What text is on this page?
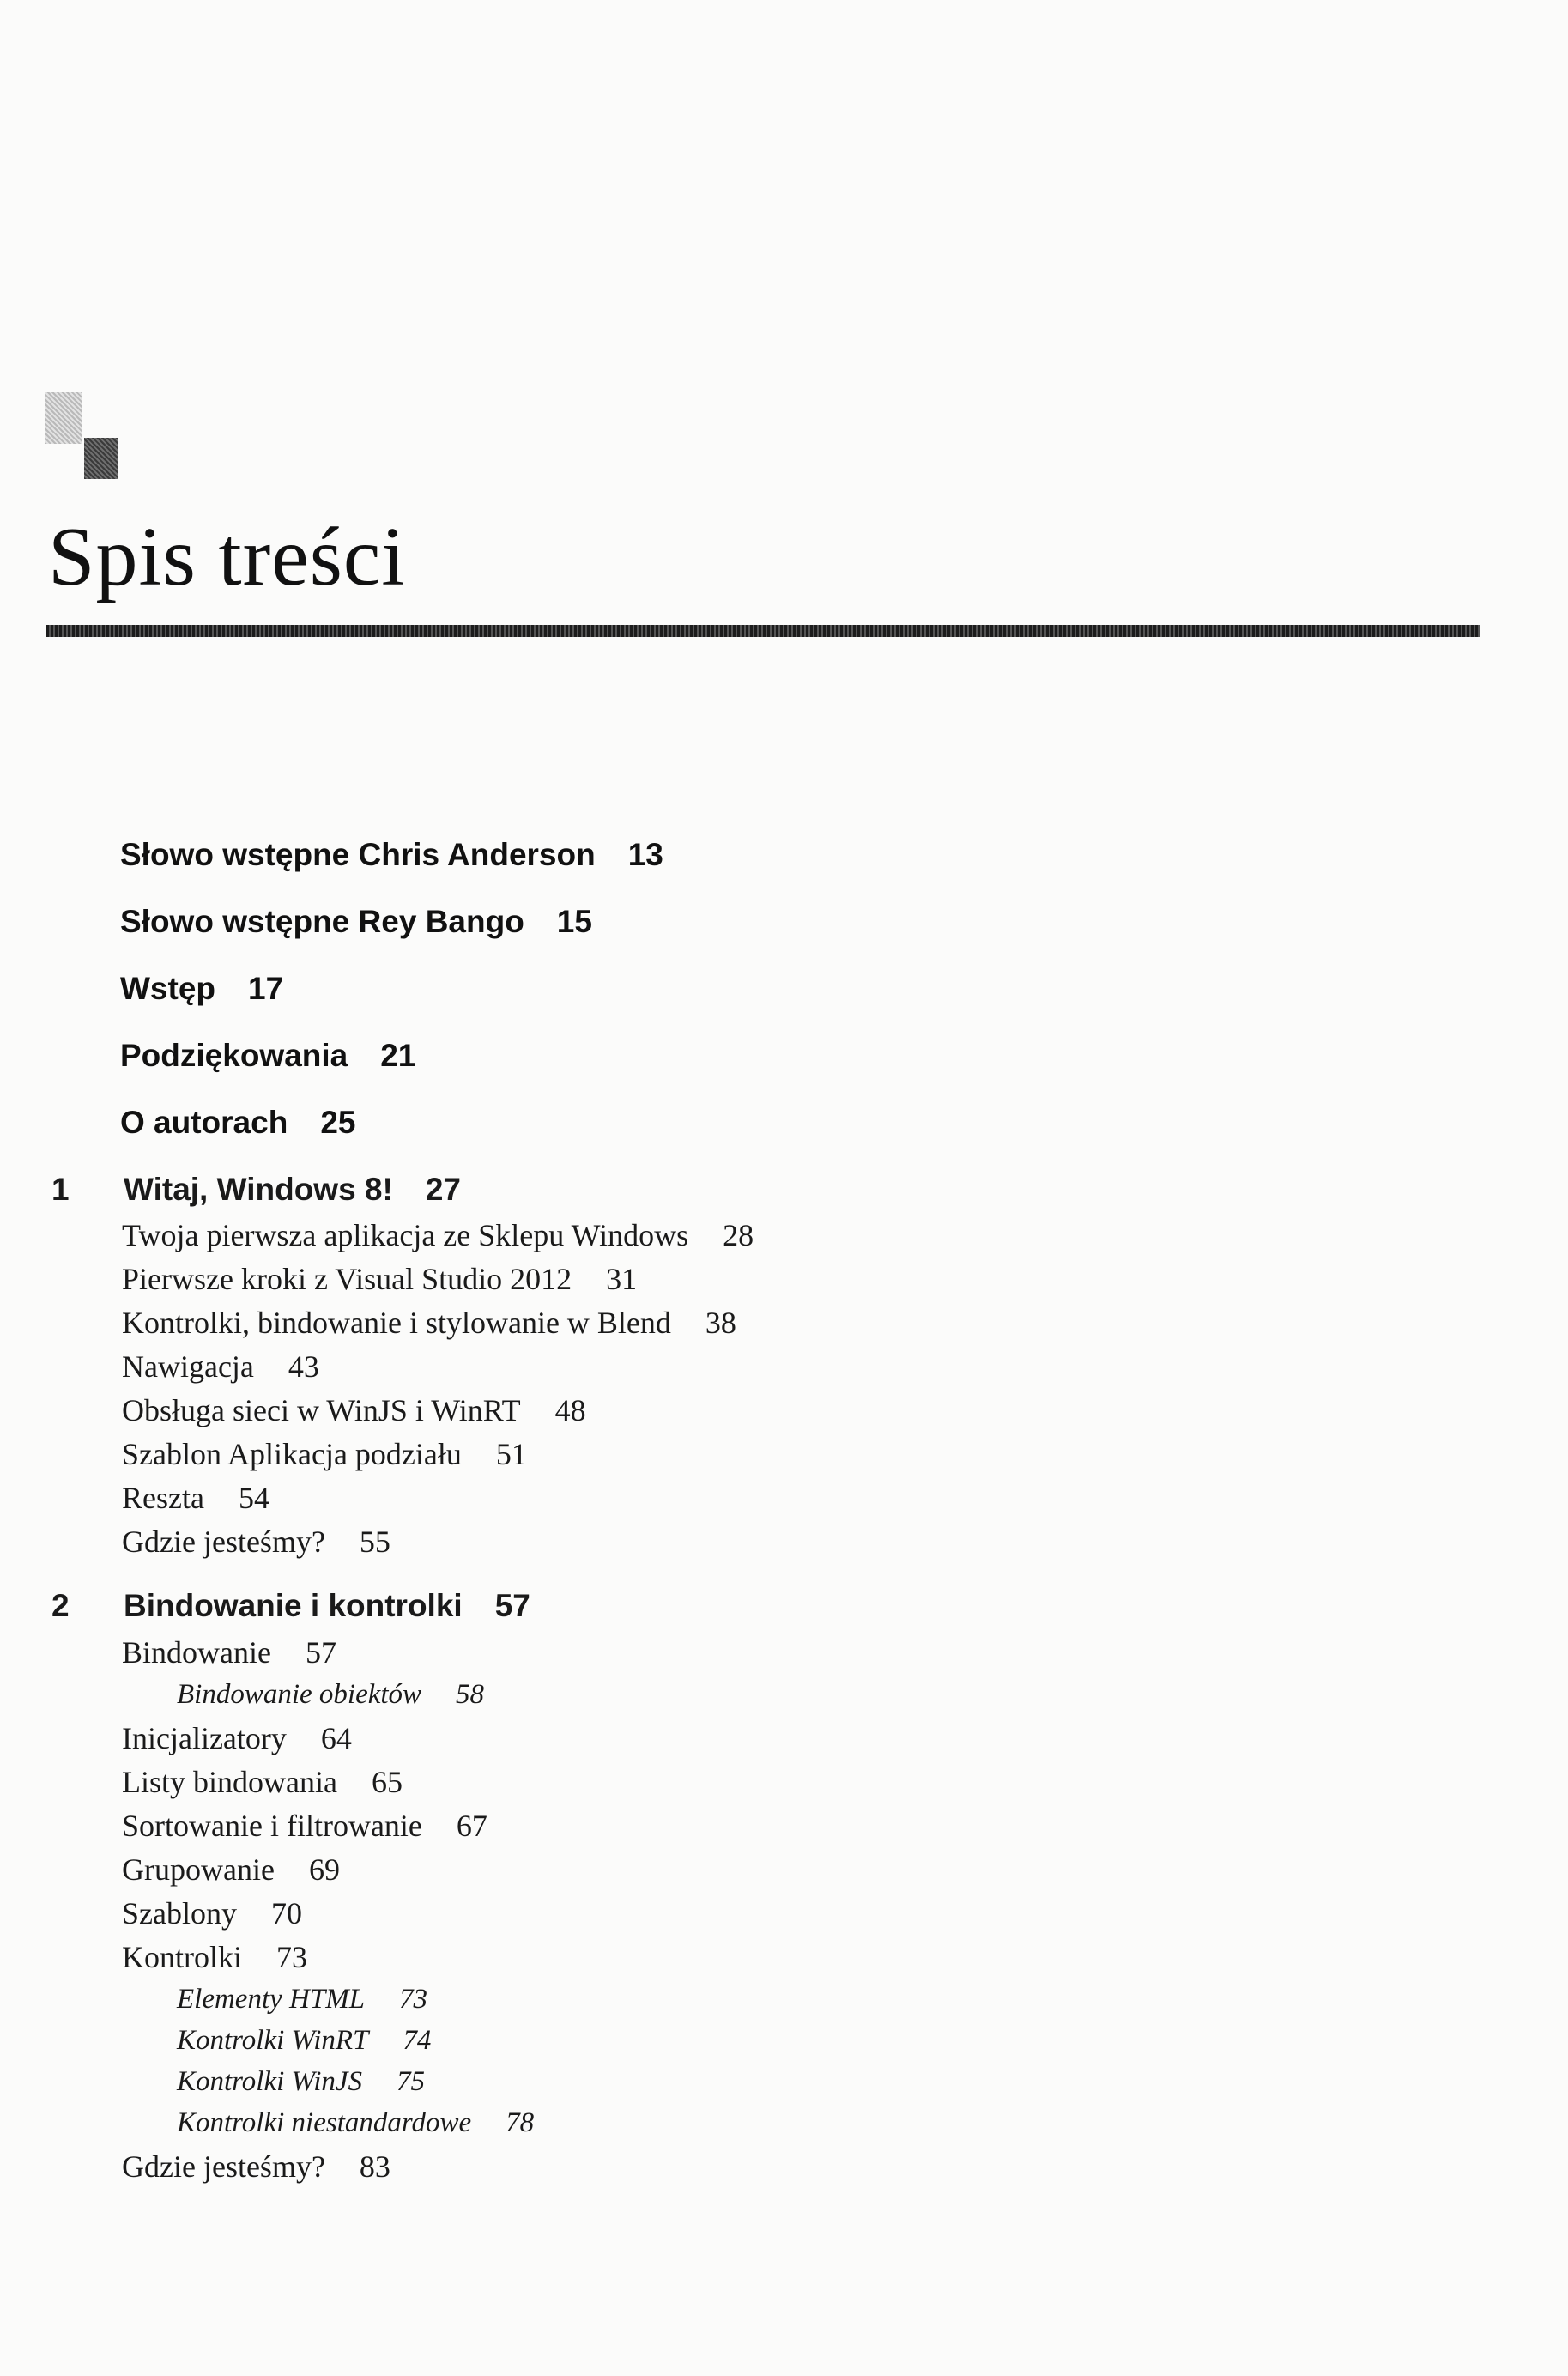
Spis treści
Słowo wstępne Chris Anderson 13
Słowo wstępne Rey Bango 15
Wstęp 17
Podziękowania 21
O autorach 25
1 Witaj, Windows 8! 27
Twoja pierwsza aplikacja ze Sklepu Windows 28
Pierwsze kroki z Visual Studio 2012 31
Kontrolki, bindowanie i stylowanie w Blend 38
Nawigacja 43
Obsługa sieci w WinJS i WinRT 48
Szablon Aplikacja podziału 51
Reszta 54
Gdzie jesteśmy? 55
2 Bindowanie i kontrolki 57
Bindowanie 57
Bindowanie obiektów 58
Inicjalizatory 64
Listy bindowania 65
Sortowanie i filtrowanie 67
Grupowanie 69
Szablony 70
Kontrolki 73
Elementy HTML 73
Kontrolki WinRT 74
Kontrolki WinJS 75
Kontrolki niestandardowe 78
Gdzie jesteśmy? 83
